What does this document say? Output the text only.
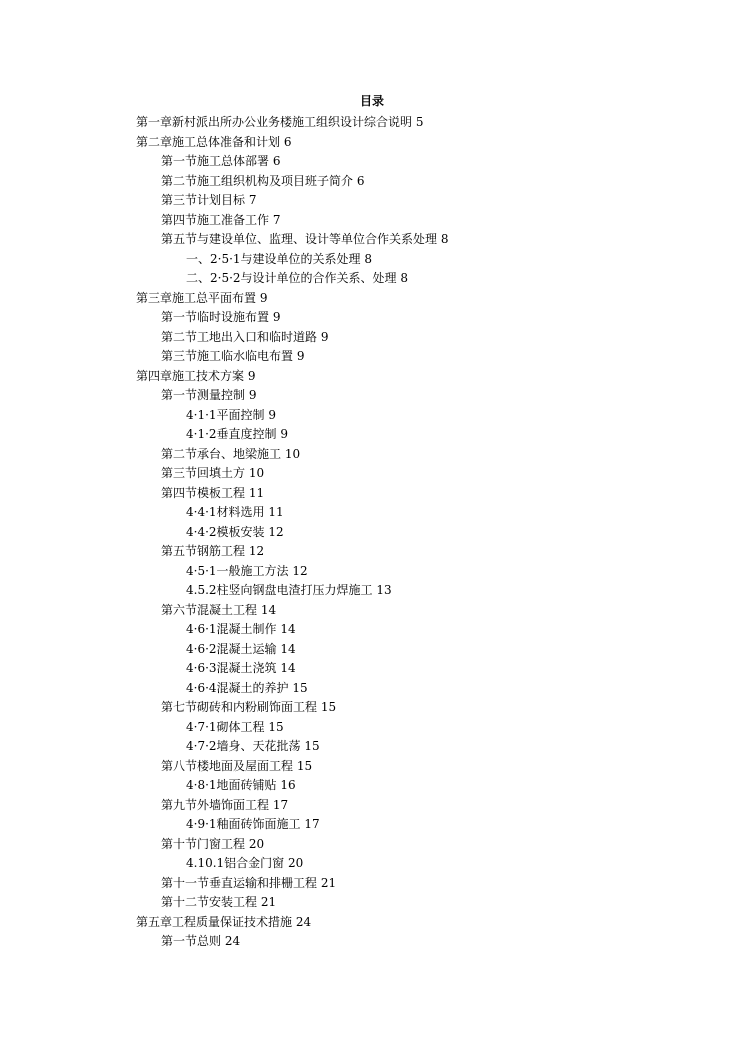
目录
第一章新村派出所办公业务楼施工组织设计综合说明 5
第二章施工总体准备和计划 6
第一节施工总体部署 6
第二节施工组织机构及项目班子简介 6
第三节计划目标 7
第四节施工准备工作 7
第五节与建设单位、监理、设计等单位合作关系处理 8
一、2·5·1与建设单位的关系处理 8
二、2·5·2与设计单位的合作关系、处理 8
第三章施工总平面布置 9
第一节临时设施布置 9
第二节工地出入口和临时道路 9
第三节施工临水临电布置 9
第四章施工技术方案 9
第一节测量控制 9
4·1·1平面控制 9
4·1·2垂直度控制 9
第二节承台、地梁施工 10
第三节回填土方 10
第四节模板工程 11
4·4·1材料选用 11
4·4·2模板安装 12
第五节钢筋工程 12
4·5·1一般施工方法 12
4.5.2柱竖向钢盘电渣打压力焊施工 13
第六节混凝土工程 14
4·6·1混凝土制作 14
4·6·2混凝土运输 14
4·6·3混凝土浇筑 14
4·6·4混凝土的养护 15
第七节砌砖和内粉刷饰面工程 15
4·7·1砌体工程 15
4·7·2墙身、天花批荡 15
第八节楼地面及屋面工程 15
4·8·1地面砖铺贴 16
第九节外墙饰面工程 17
4·9·1釉面砖饰面施工 17
第十节门窗工程 20
4.10.1铝合金门窗 20
第十一节垂直运输和排栅工程 21
第十二节安装工程 21
第五章工程质量保证技术措施 24
第一节总则 24
